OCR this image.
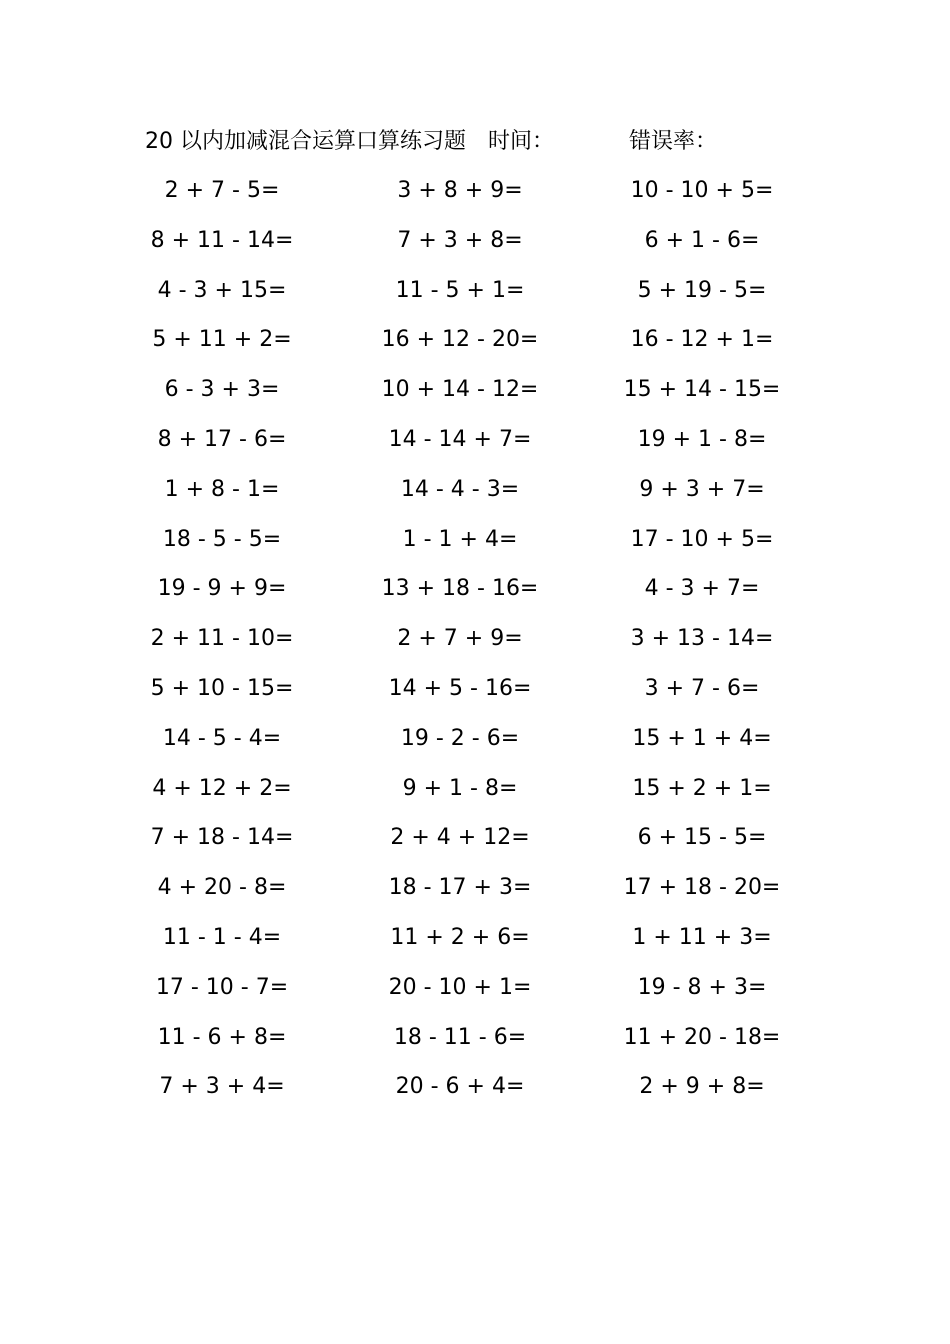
20 以内加减混合运算口算练习题 时间：	错误率：
2 + 7 - 5=	3 + 8 + 9=	10 - 10 + 5=
8 + 11 - 14=	7 + 3 + 8=	6 + 1 - 6=
4 - 3 + 15=	11 - 5 + 1=	5 + 19 - 5=
5 + 11 + 2=	16 + 12 - 20=	16 - 12 + 1=
6 - 3 + 3=	10 + 14 - 12=	15 + 14 - 15=
8 + 17 - 6=	14 - 14 + 7=	19 + 1 - 8=
1 + 8 - 1=	14 - 4 - 3=	9 + 3 + 7=
18 - 5 - 5=	1 - 1 + 4=	17 - 10 + 5=
19 - 9 + 9=	13 + 18 - 16=	4 - 3 + 7=
2 + 11 - 10=	2 + 7 + 9=	3 + 13 - 14=
5 + 10 - 15=	14 + 5 - 16=	3 + 7 - 6=
14 - 5 - 4=	19 - 2 - 6=	15 + 1 + 4=
4 + 12 + 2=	9 + 1 - 8=	15 + 2 + 1=
7 + 18 - 14=	2 + 4 + 12=	6 + 15 - 5=
4 + 20 - 8=	18 - 17 + 3=	17 + 18 - 20=
11 - 1 - 4=	11 + 2 + 6=	1 + 11 + 3=
17 - 10 - 7=	20 - 10 + 1=	19 - 8 + 3=
11 - 6 + 8=	18 - 11 - 6=	11 + 20 - 18=
7 + 3 + 4=	20 - 6 + 4=	2 + 9 + 8=
